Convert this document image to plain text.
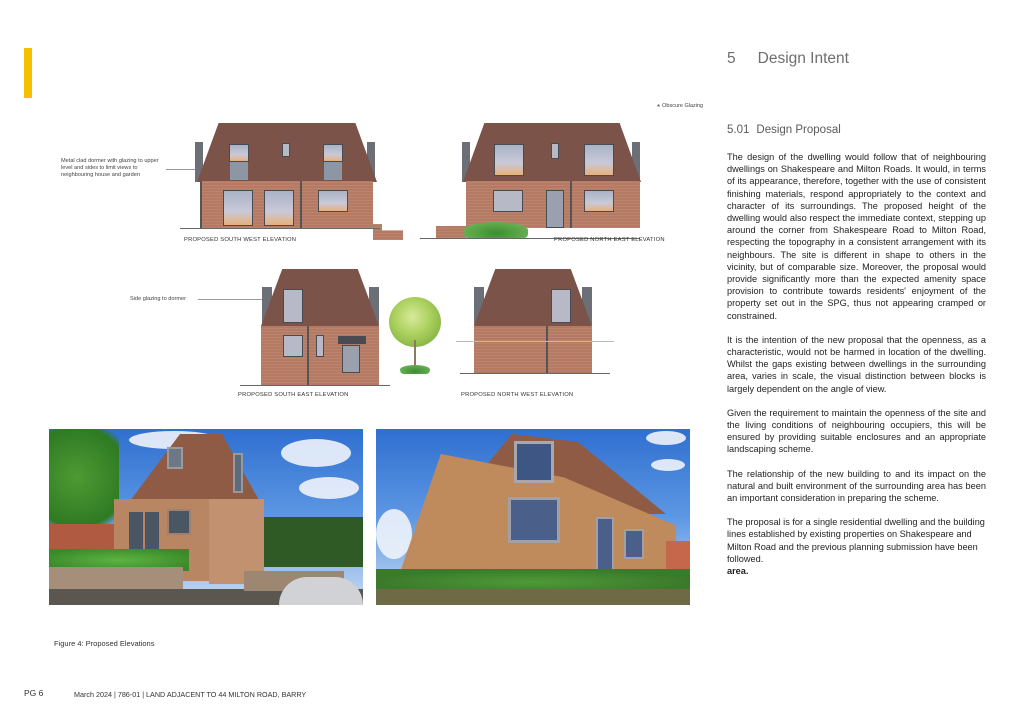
5 Design Intent
5.01 Design Proposal

The design of the dwelling would follow that of neighbouring dwellings on Shakespeare and Milton Roads. It would, in terms of its appearance, therefore, together with the use of consistent finishing materials, respond appropriately to the context and character of its surroundings. The proposed height of the dwelling would also respect the immediate context, stepping up around the corner from Shakespeare Road to Milton Road, respecting the topography in a consistent arrangement with its neighbours. The site is different in shape to others in the vicinity, but of comparable size. Moreover, the proposal would provide significantly more than the expected amenity space provision to contribute towards residents' enjoyment of the property set out in the SPG, thus not appearing cramped or constrained.

It is the intention of the new proposal that the openness, as a characteristic, would not be harmed in location of the dwelling. Whilst the gaps existing between dwellings in the surrounding area, varies in scale, the visual distinction between blocks is largely dependent on the angle of view.

Given the requirement to maintain the openness of the site and the living conditions of neighbouring occupiers, this will be ensured by providing suitable enclosures and an appropriate landscaping scheme.

The relationship of the new building to and its impact on the natural and built environment of the surrounding area has been an important consideration in preparing the scheme.

The proposal is for a single residential dwelling and the building lines established by existing properties on Shakespeare and Milton Road and the previous planning submission have been followed.

area.

* Obscure Glazing
Metal clad dormer with glazing to upper level and sides to limit views to neighbouring house and garden
Side glazing to dormer
PROPOSED SOUTH WEST ELEVATION	PROPOSED NORTH EAST ELEVATION
PROPOSED SOUTH EAST ELEVATION	PROPOSED NORTH WEST ELEVATION
Figure 4: Proposed Elevations
PG 6	March 2024 | 786-01 | LAND ADJACENT TO 44 MILTON ROAD, BARRY
